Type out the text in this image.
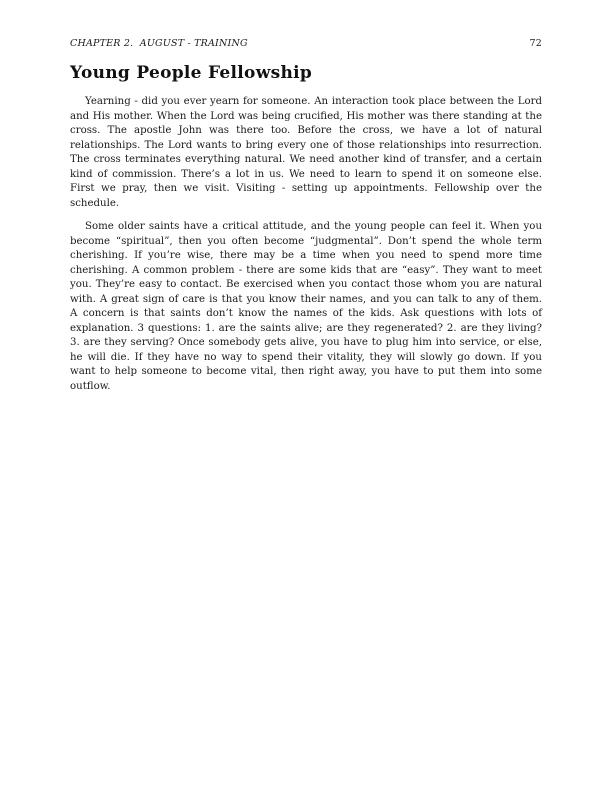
CHAPTER 2.  AUGUST - TRAINING	72
Young People Fellowship

Yearning - did you ever yearn for someone. An interaction took place between the Lord and His mother. When the Lord was being crucified, His mother was there standing at the cross. The apostle John was there too. Before the cross, we have a lot of natural relationships. The Lord wants to bring every one of those relationships into resurrection. The cross terminates everything natural. We need another kind of transfer, and a certain kind of commission. There’s a lot in us. We need to learn to spend it on someone else. First we pray, then we visit. Visiting - setting up appointments. Fellowship over the schedule.

Some older saints have a critical attitude, and the young people can feel it. When you become “spiritual”, then you often become “judgmental”. Don’t spend the whole term cherishing. If you’re wise, there may be a time when you need to spend more time cherishing. A common problem - there are some kids that are “easy”. They want to meet you. They’re easy to contact. Be exercised when you contact those whom you are natural with. A great sign of care is that you know their names, and you can talk to any of them. A concern is that saints don’t know the names of the kids. Ask questions with lots of explanation. 3 questions: 1. are the saints alive; are they regenerated? 2. are they living? 3. are they serving? Once somebody gets alive, you have to plug him into service, or else, he will die. If they have no way to spend their vitality, they will slowly go down. If you want to help someone to become vital, then right away, you have to put them into some outflow.
